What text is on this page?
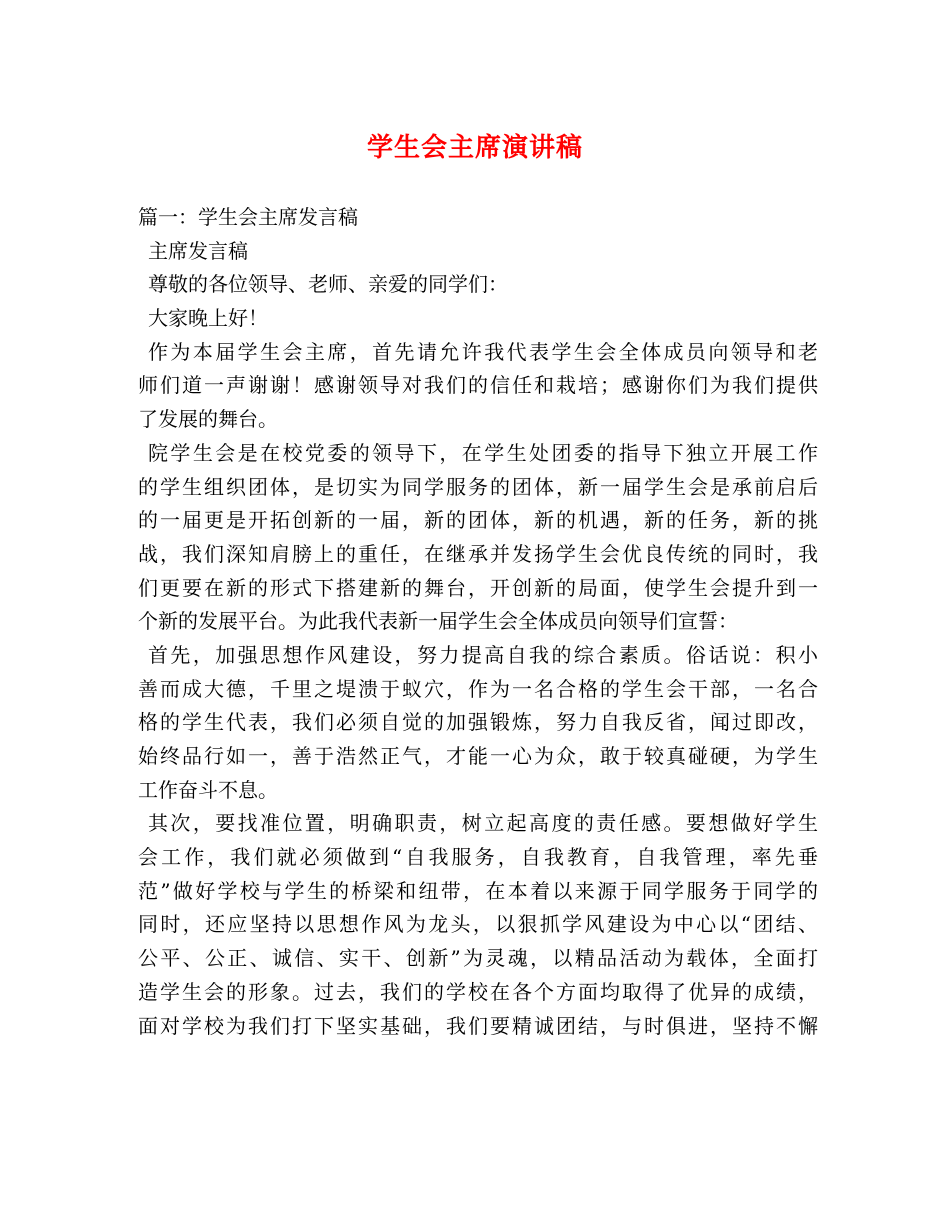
学生会主席演讲稿
篇一：学生会主席发言稿
主席发言稿
尊敬的各位领导、老师、亲爱的同学们：
大家晚上好！
作为本届学生会主席，首先请允许我代表学生会全体成员向领导和老
师们道一声谢谢！感谢领导对我们的信任和栽培；感谢你们为我们提供
了发展的舞台。
院学生会是在校党委的领导下，在学生处团委的指导下独立开展工作
的学生组织团体，是切实为同学服务的团体，新一届学生会是承前启后
的一届更是开拓创新的一届，新的团体，新的机遇，新的任务，新的挑
战，我们深知肩膀上的重任，在继承并发扬学生会优良传统的同时，我
们更要在新的形式下搭建新的舞台，开创新的局面，使学生会提升到一
个新的发展平台。为此我代表新一届学生会全体成员向领导们宣誓：
首先，加强思想作风建设，努力提高自我的综合素质。俗话说：积小
善而成大德，千里之堤溃于蚁穴，作为一名合格的学生会干部，一名合
格的学生代表，我们必须自觉的加强锻炼，努力自我反省，闻过即改，
始终品行如一，善于浩然正气，才能一心为众，敢于较真碰硬，为学生
工作奋斗不息。
其次，要找准位置，明确职责，树立起高度的责任感。要想做好学生
会工作，我们就必须做到“自我服务，自我教育，自我管理，率先垂
范”做好学校与学生的桥梁和纽带，在本着以来源于同学服务于同学的
同时，还应坚持以思想作风为龙头，以狠抓学风建设为中心以“团结、
公平、公正、诚信、实干、创新”为灵魂，以精品活动为载体，全面打
造学生会的形象。过去，我们的学校在各个方面均取得了优异的成绩，
面对学校为我们打下坚实基础，我们要精诚团结，与时俱进，坚持不懈
